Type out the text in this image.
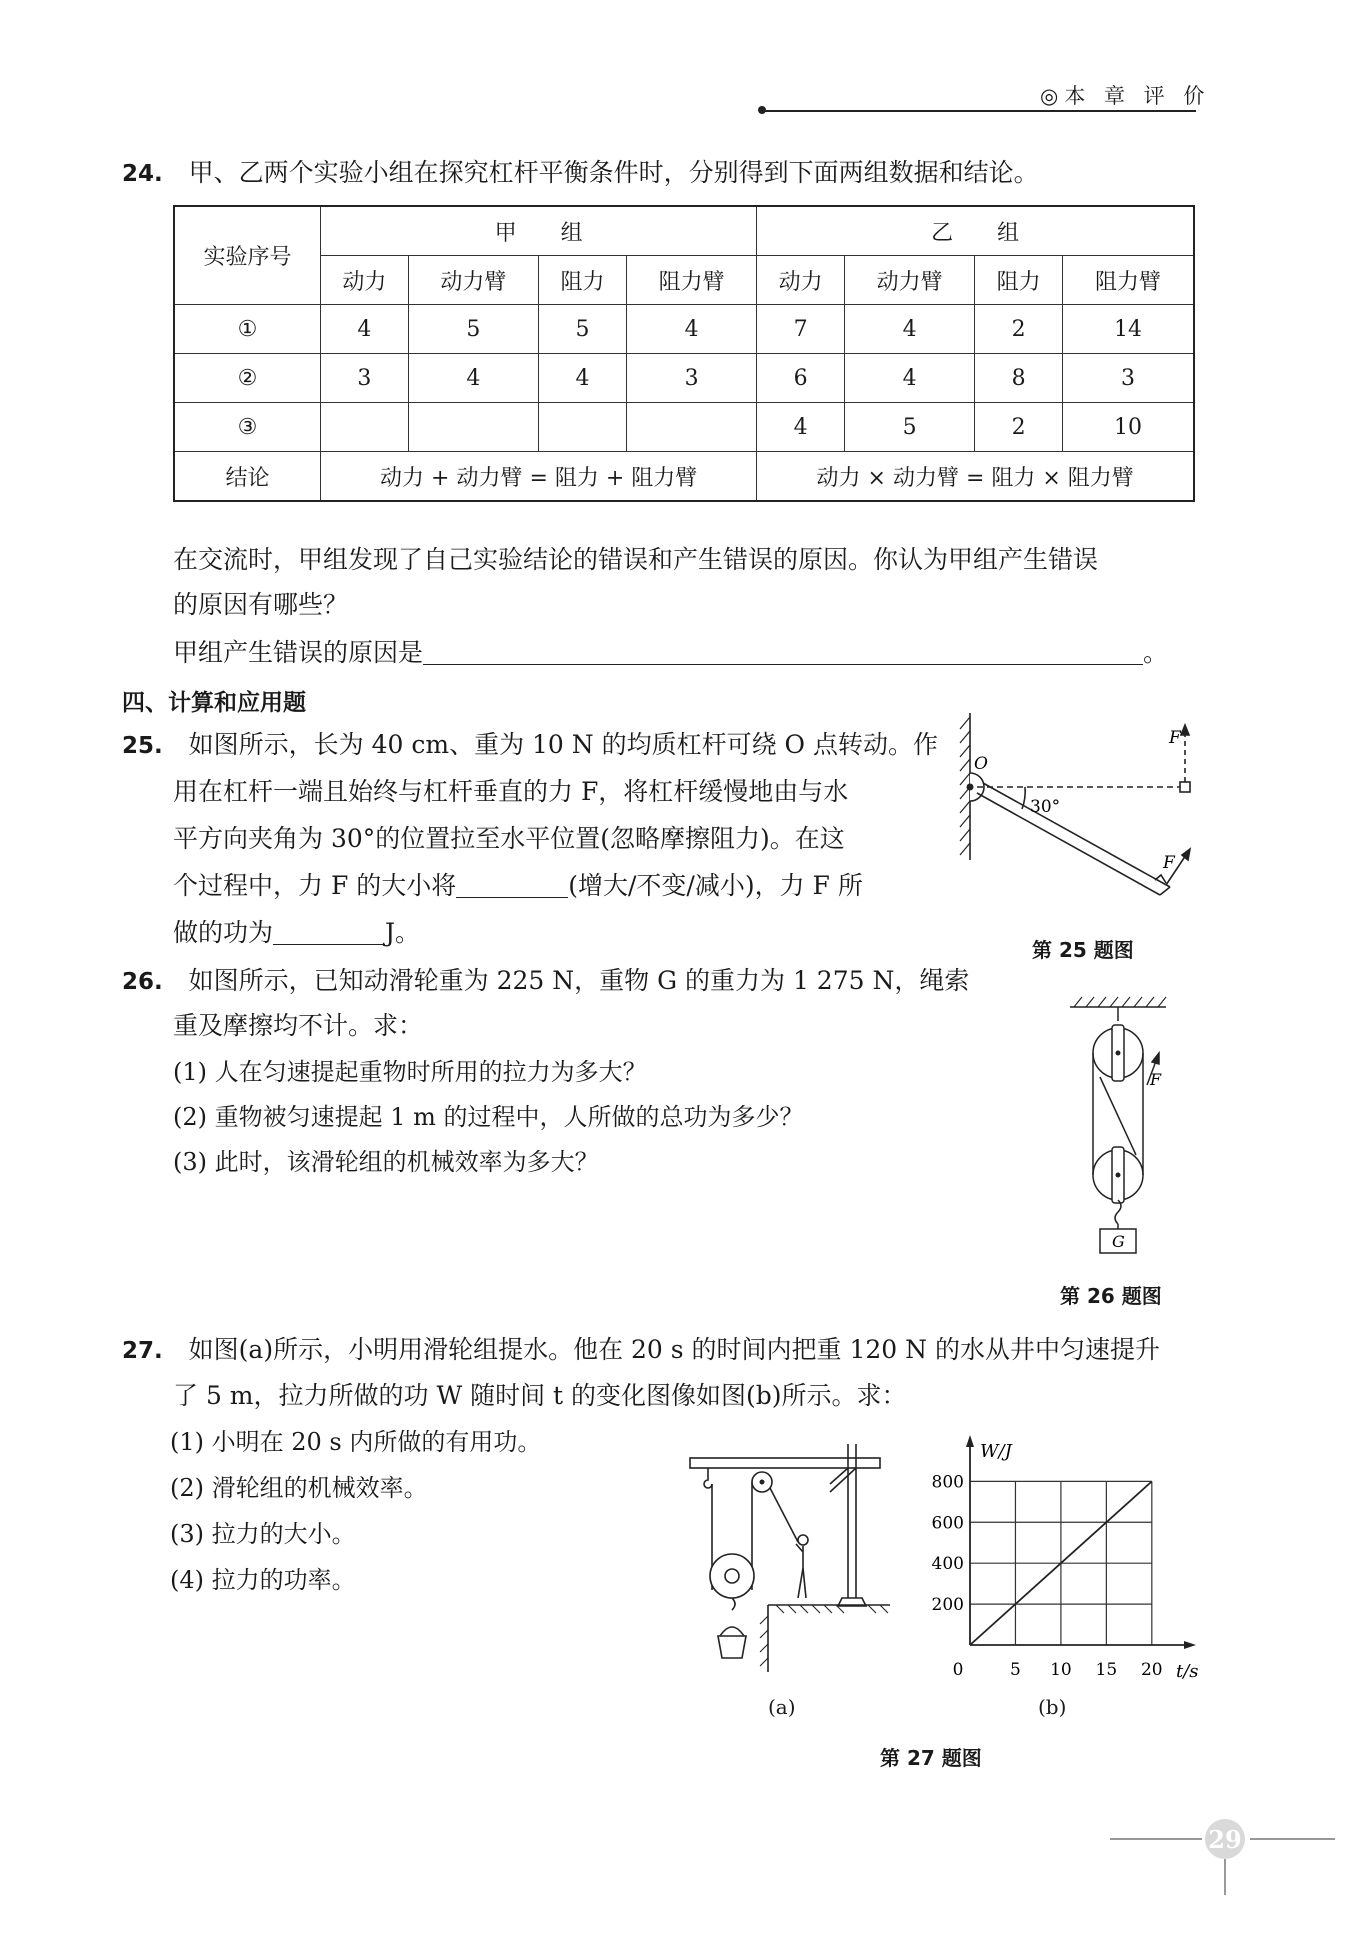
◎本 章 评 价
24. 甲、乙两个实验小组在探究杠杆平衡条件时，分别得到下面两组数据和结论。
实验序号	甲　　组				乙　　组			
	动力	动力臂	阻力	阻力臂	动力	动力臂	阻力	阻力臂
①	4	5	5	4	7	4	2	14
②	3	4	4	3	6	4	8	3
③					4	5	2	10
结论	动力 + 动力臂 = 阻力 + 阻力臂				动力 × 动力臂 = 阻力 × 阻力臂			
在交流时，甲组发现了自己实验结论的错误和产生错误的原因。你认为甲组产生错误
的原因有哪些？
甲组产生错误的原因是	。
四、计算和应用题
25. 如图所示，长为 40 cm、重为 10 N 的均质杠杆可绕 O 点转动。作
用在杠杆一端且始终与杠杆垂直的力 F，将杠杆缓慢地由与水
平方向夹角为 30°的位置拉至水平位置(忽略摩擦阻力)。在这
个过程中，力 F 的大小将	(增大/不变/减小)，力 F 所
做的功为	J。
O
F
F
30°
第 25 题图
26. 如图所示，已知动滑轮重为 225 N，重物 G 的重力为 1 275 N，绳索
重及摩擦均不计。求：
(1) 人在匀速提起重物时所用的拉力为多大？
(2) 重物被匀速提起 1 m 的过程中，人所做的总功为多少？
(3) 此时，该滑轮组的机械效率为多大？
F
G
第 26 题图
27. 如图(a)所示，小明用滑轮组提水。他在 20 s 的时间内把重 120 N 的水从井中匀速提升
了 5 m，拉力所做的功 W 随时间 t 的变化图像如图(b)所示。求：
(1) 小明在 20 s 内所做的有用功。
(2) 滑轮组的机械效率。
(3) 拉力的大小。
(4) 拉力的功率。
(a)
0	5 10 15 20
200
400
600
800
W/J
t/s
(b)
第 27 题图
29
